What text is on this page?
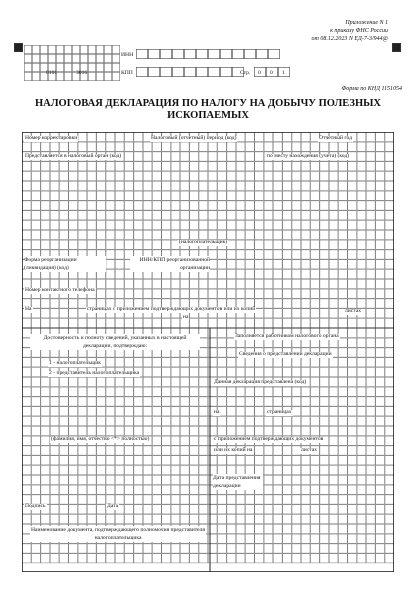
Приложение N 1
к приказу ФНС России
от 08.12.2023 N ЕД-7-3/944@
0101	3016
ИНН
КПП	Стр. 0 0 1
Форма по КНД 1151054
НАЛОГОВАЯ ДЕКЛАРАЦИЯ ПО НАЛОГУ НА ДОБЫЧУ ПОЛЕЗНЫХ ИСКОПАЕМЫХ
Номер корректировки	Налоговый (отчетный) период (код)	Отчетный год
Представляется в налоговый орган (код)	по месту нахождения (учета) (код)
(налогоплательщик)
Форма реорганизации (ликвидация) (код)
ИНН/КПП реорганизованной организации
Номер контактного телефона
На	страницах с приложением подтверждающих документов или их копий
на
листах
Достоверность и полноту сведений, указанных в настоящей декларации, подтверждаю:
1 - налогоплательщик
2 - представитель налогоплательщика
(фамилия, имя, отчество <*> полностью)
Подпись	Дата
Наименование документа, подтверждающего полномочия представителя налогоплательщика
Заполняется работником налогового органа
Сведения о представлении декларации
Данная декларация представлена (код)
на	страницах
с приложением подтверждающих документов
или их копий на	листах
Дата представления декларации
